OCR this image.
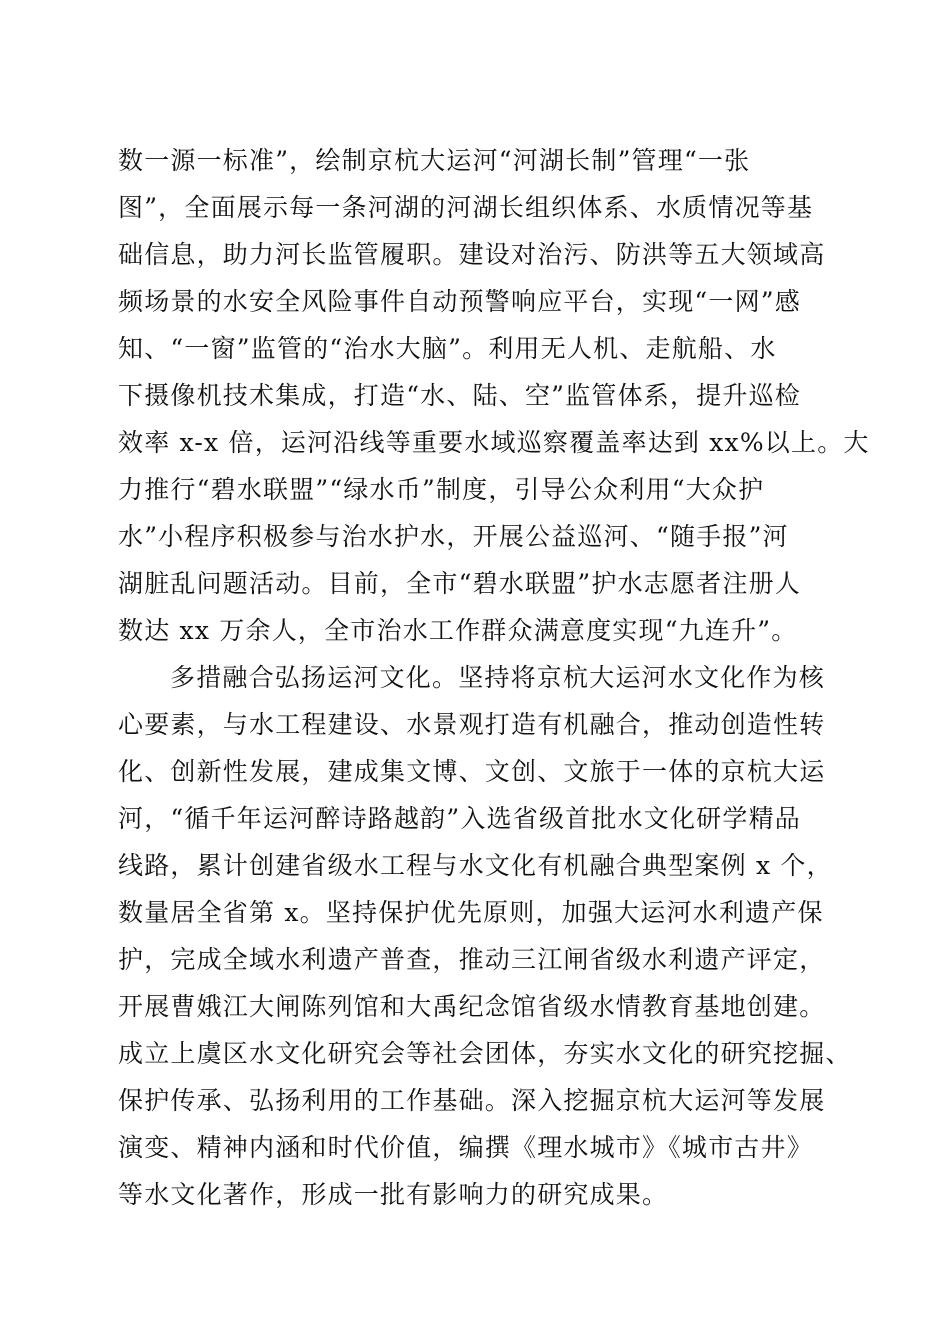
数一源一标准”，绘制京杭大运河“河湖长制”管理“一张
图”，全面展示每一条河湖的河湖长组织体系、水质情况等基
础信息，助力河长监管履职。建设对治污、防洪等五大领域高
频场景的水安全风险事件自动预警响应平台，实现“一网”感
知、“一窗”监管的“治水大脑”。利用无人机、走航船、水
下摄像机技术集成，打造“水、陆、空”监管体系，提升巡检
效率 x-x 倍，运河沿线等重要水域巡察覆盖率达到 xx%以上。大
力推行“碧水联盟”“绿水币”制度，引导公众利用“大众护
水”小程序积极参与治水护水，开展公益巡河、“随手报”河
湖脏乱问题活动。目前，全市“碧水联盟”护水志愿者注册人
数达 xx 万余人，全市治水工作群众满意度实现“九连升”。
多措融合弘扬运河文化。坚持将京杭大运河水文化作为核
心要素，与水工程建设、水景观打造有机融合，推动创造性转
化、创新性发展，建成集文博、文创、文旅于一体的京杭大运
河，“循千年运河醉诗路越韵”入选省级首批水文化研学精品
线路，累计创建省级水工程与水文化有机融合典型案例 x 个，
数量居全省第 x。坚持保护优先原则，加强大运河水利遗产保
护，完成全域水利遗产普查，推动三江闸省级水利遗产评定，
开展曹娥江大闸陈列馆和大禹纪念馆省级水情教育基地创建。
成立上虞区水文化研究会等社会团体，夯实水文化的研究挖掘、
保护传承、弘扬利用的工作基础。深入挖掘京杭大运河等发展
演变、精神内涵和时代价值，编撰《理水城市》《城市古井》
等水文化著作，形成一批有影响力的研究成果。
